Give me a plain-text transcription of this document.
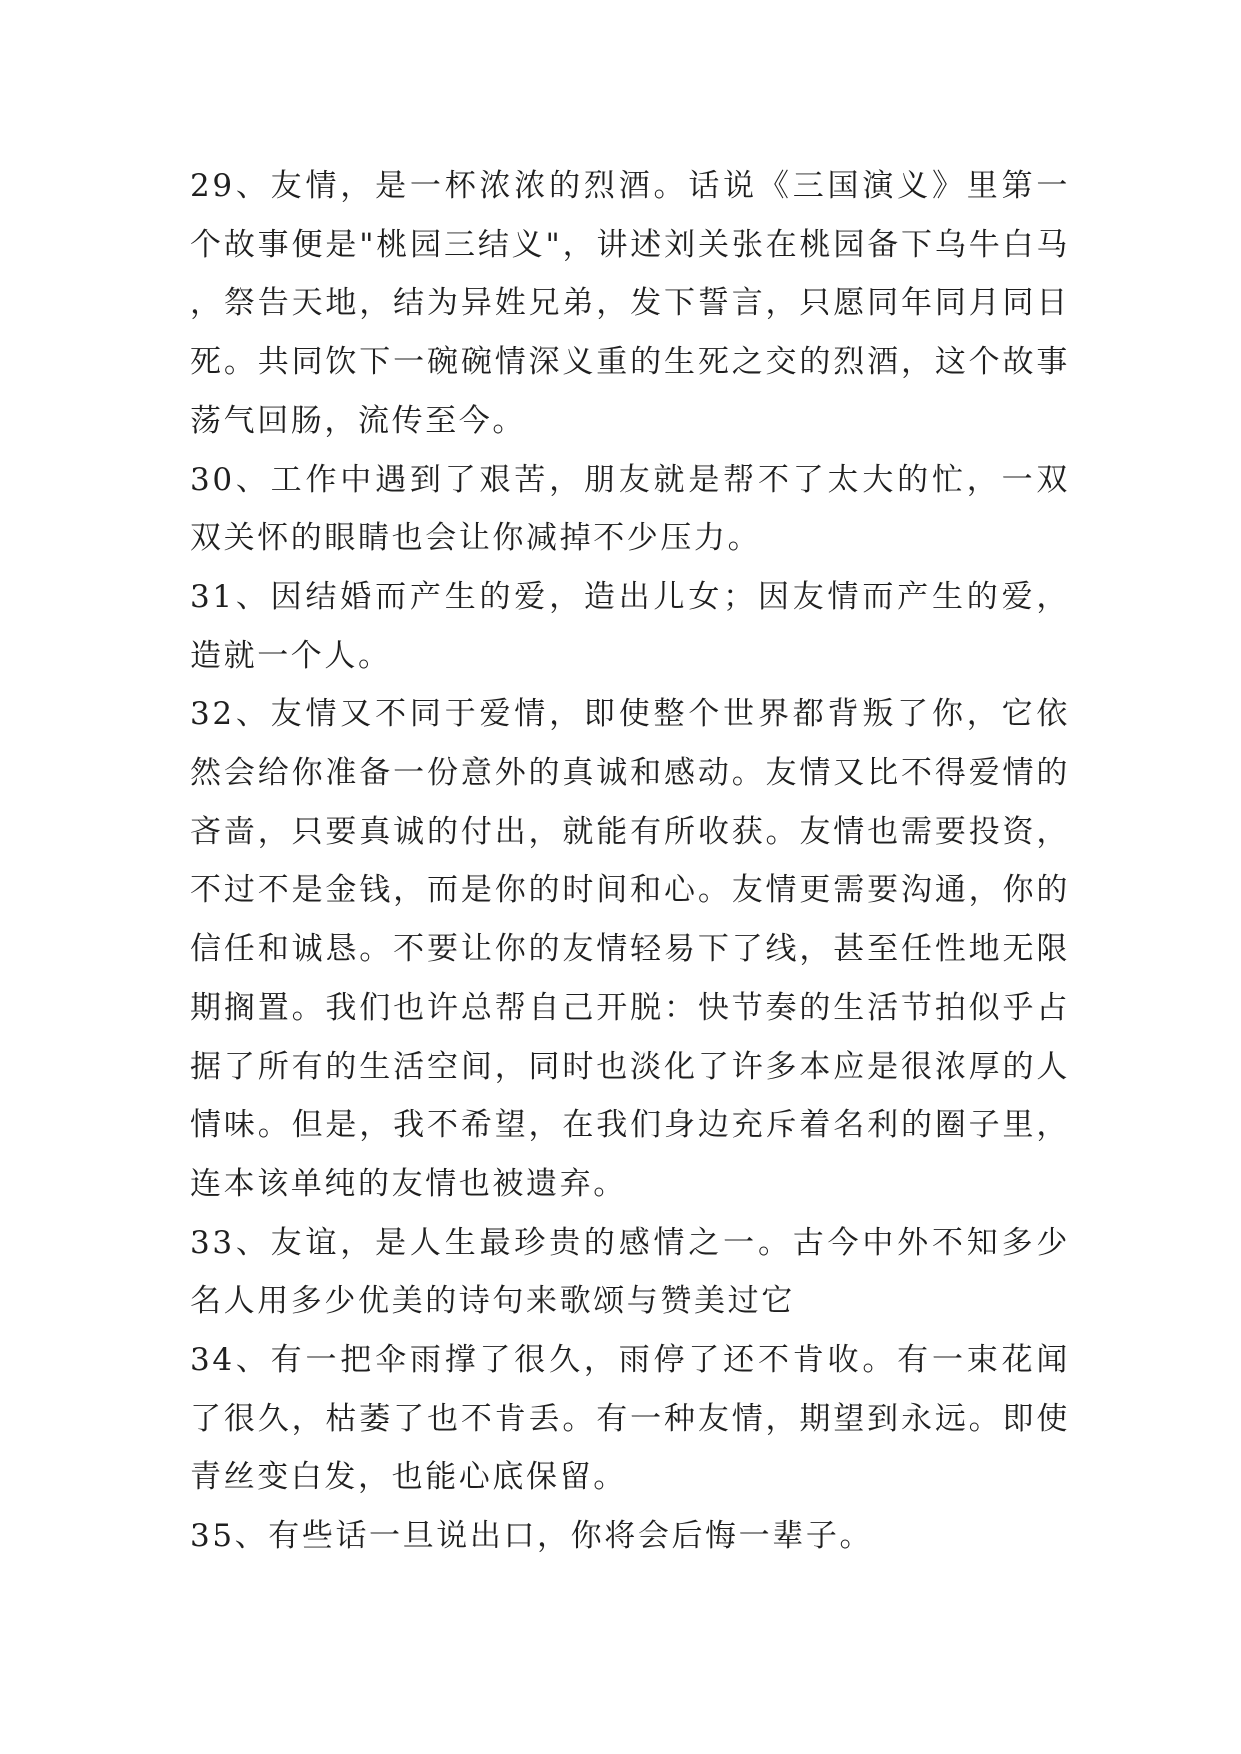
29、友情，是一杯浓浓的烈酒。话说《三国演义》里第一个故事便是"桃园三结义"，讲述刘关张在桃园备下乌牛白马，祭告天地，结为异姓兄弟，发下誓言，只愿同年同月同日死。共同饮下一碗碗情深义重的生死之交的烈酒，这个故事荡气回肠，流传至今。

30、工作中遇到了艰苦，朋友就是帮不了太大的忙，一双双关怀的眼睛也会让你减掉不少压力。

31、因结婚而产生的爱，造出儿女；因友情而产生的爱，造就一个人。

32、友情又不同于爱情，即使整个世界都背叛了你，它依然会给你准备一份意外的真诚和感动。友情又比不得爱情的吝啬，只要真诚的付出，就能有所收获。友情也需要投资，不过不是金钱，而是你的时间和心。友情更需要沟通，你的信任和诚恳。不要让你的友情轻易下了线，甚至任性地无限期搁置。我们也许总帮自己开脱：快节奏的生活节拍似乎占据了所有的生活空间，同时也淡化了许多本应是很浓厚的人情味。但是，我不希望，在我们身边充斥着名利的圈子里，连本该单纯的友情也被遗弃。

33、友谊，是人生最珍贵的感情之一。古今中外不知多少名人用多少优美的诗句来歌颂与赞美过它

34、有一把伞雨撑了很久，雨停了还不肯收。有一束花闻了很久，枯萎了也不肯丢。有一种友情，期望到永远。即使青丝变白发，也能心底保留。

35、有些话一旦说出口，你将会后悔一辈子。
